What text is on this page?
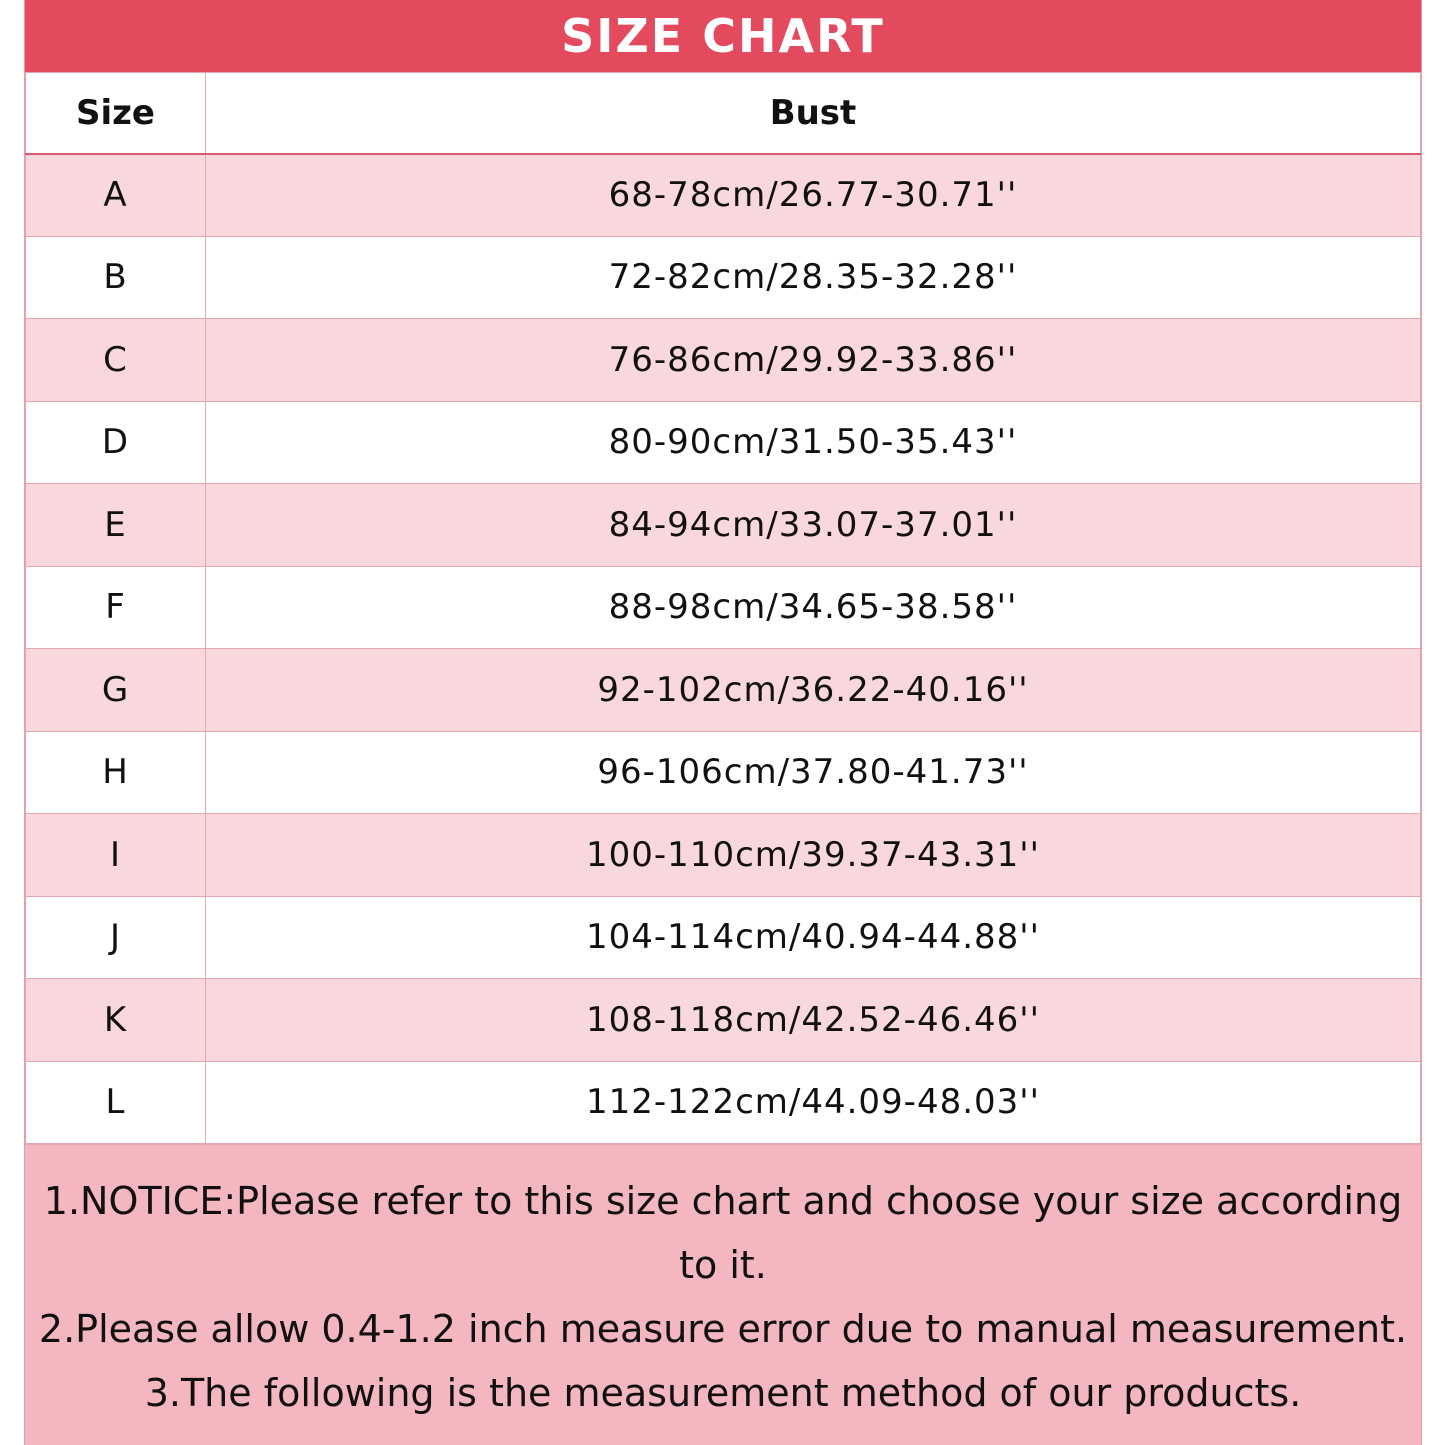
SIZE CHART
Size	Bust
A	68-78cm/26.77-30.71''
B	72-82cm/28.35-32.28''
C	76-86cm/29.92-33.86''
D	80-90cm/31.50-35.43''
E	84-94cm/33.07-37.01''
F	88-98cm/34.65-38.58''
G	92-102cm/36.22-40.16''
H	96-106cm/37.80-41.73''
I	100-110cm/39.37-43.31''
J	104-114cm/40.94-44.88''
K	108-118cm/42.52-46.46''
L	112-122cm/44.09-48.03''

1.NOTICE:Please refer to this size chart and choose your size according to it.

2.Please allow 0.4-1.2 inch measure error due to manual measurement.

3.The following is the measurement method of our products.
